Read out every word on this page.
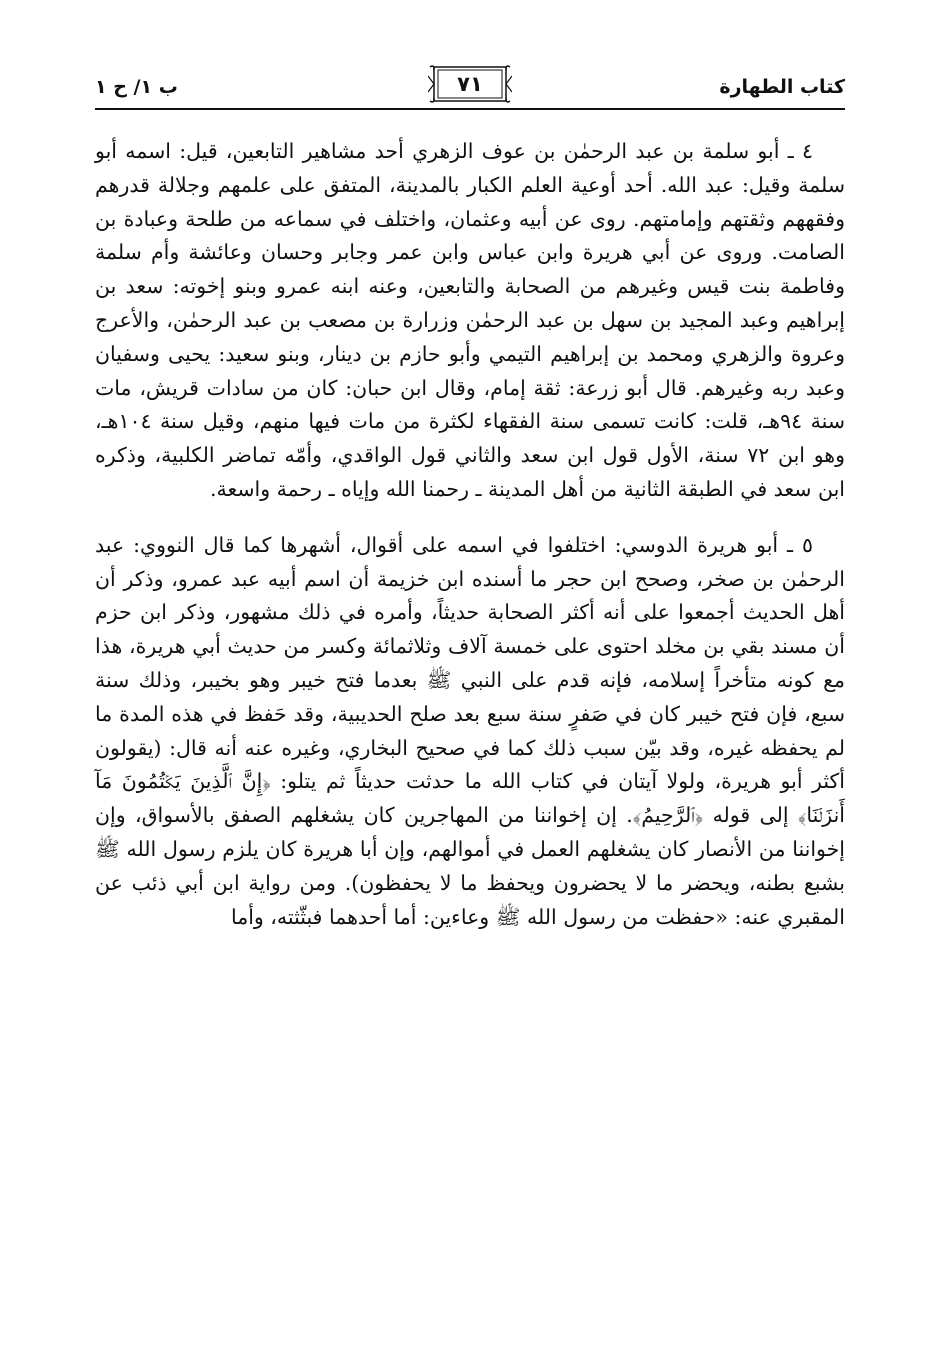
ب ١/ ح ١	٧١	كتاب الطهارة

٤ ـ أبو سلمة بن عبد الرحمٰن بن عوف الزهري أحد مشاهير التابعين، قيل: اسمه أبو سلمة وقيل: عبد الله. أحد أوعية العلم الكبار بالمدينة، المتفق على علمهم وجلالة قدرهم وفقههم وثقتهم وإمامتهم. روى عن أبيه وعثمان، واختلف في سماعه من طلحة وعبادة بن الصامت. وروى عن أبي هريرة وابن عباس وابن عمر وجابر وحسان وعائشة وأم سلمة وفاطمة بنت قيس وغيرهم من الصحابة والتابعين، وعنه ابنه عمرو وبنو إخوته: سعد بن إبراهيم وعبد المجيد بن سهل بن عبد الرحمٰن وزرارة بن مصعب بن عبد الرحمٰن، والأعرج وعروة والزهري ومحمد بن إبراهيم التيمي وأبو حازم بن دينار، وبنو سعيد: يحيى وسفيان وعبد ربه وغيرهم. قال أبو زرعة: ثقة إمام، وقال ابن حبان: كان من سادات قريش، مات سنة ٩٤هـ، قلت: كانت تسمى سنة الفقهاء لكثرة من مات فيها منهم، وقيل سنة ١٠٤هـ، وهو ابن ٧٢ سنة، الأول قول ابن سعد والثاني قول الواقدي، وأمّه تماضر الكلبية، وذكره ابن سعد في الطبقة الثانية من أهل المدينة ـ رحمنا الله وإياه ـ رحمة واسعة.

٥ ـ أبو هريرة الدوسي: اختلفوا في اسمه على أقوال، أشهرها كما قال النووي: عبد الرحمٰن بن صخر، وصحح ابن حجر ما أسنده ابن خزيمة أن اسم أبيه عبد عمرو، وذكر أن أهل الحديث أجمعوا على أنه أكثر الصحابة حديثاً، وأمره في ذلك مشهور، وذكر ابن حزم أن مسند بقي بن مخلد احتوى على خمسة آلاف وثلاثمائة وكسر من حديث أبي هريرة، هذا مع كونه متأخراً إسلامه، فإنه قدم على النبي ﷺ بعدما فتح خيبر وهو بخيبر، وذلك سنة سبع، فإن فتح خيبر كان في صَفرٍ سنة سبع بعد صلح الحديبية، وقد حَفظ في هذه المدة ما لم يحفظه غيره، وقد بيّن سبب ذلك كما في صحيح البخاري، وغيره عنه أنه قال: (يقولون أكثر أبو هريرة، ولولا آيتان في كتاب الله ما حدثت حديثاً ثم يتلو: ﴿إِنَّ ٱلَّذِينَ يَكۡتُمُونَ مَآ أَنزَلۡنَا﴾ إلى قوله ﴿ٱلرَّحِيمُ﴾. إن إخواننا من المهاجرين كان يشغلهم الصفق بالأسواق، وإن إخواننا من الأنصار كان يشغلهم العمل في أموالهم، وإن أبا هريرة كان يلزم رسول الله ﷺ بشبع بطنه، ويحضر ما لا يحضرون ويحفظ ما لا يحفظون). ومن رواية ابن أبي ذئب عن المقبري عنه: «حفظت من رسول الله ﷺ وعاءين: أما أحدهما فبثّثته، وأما
